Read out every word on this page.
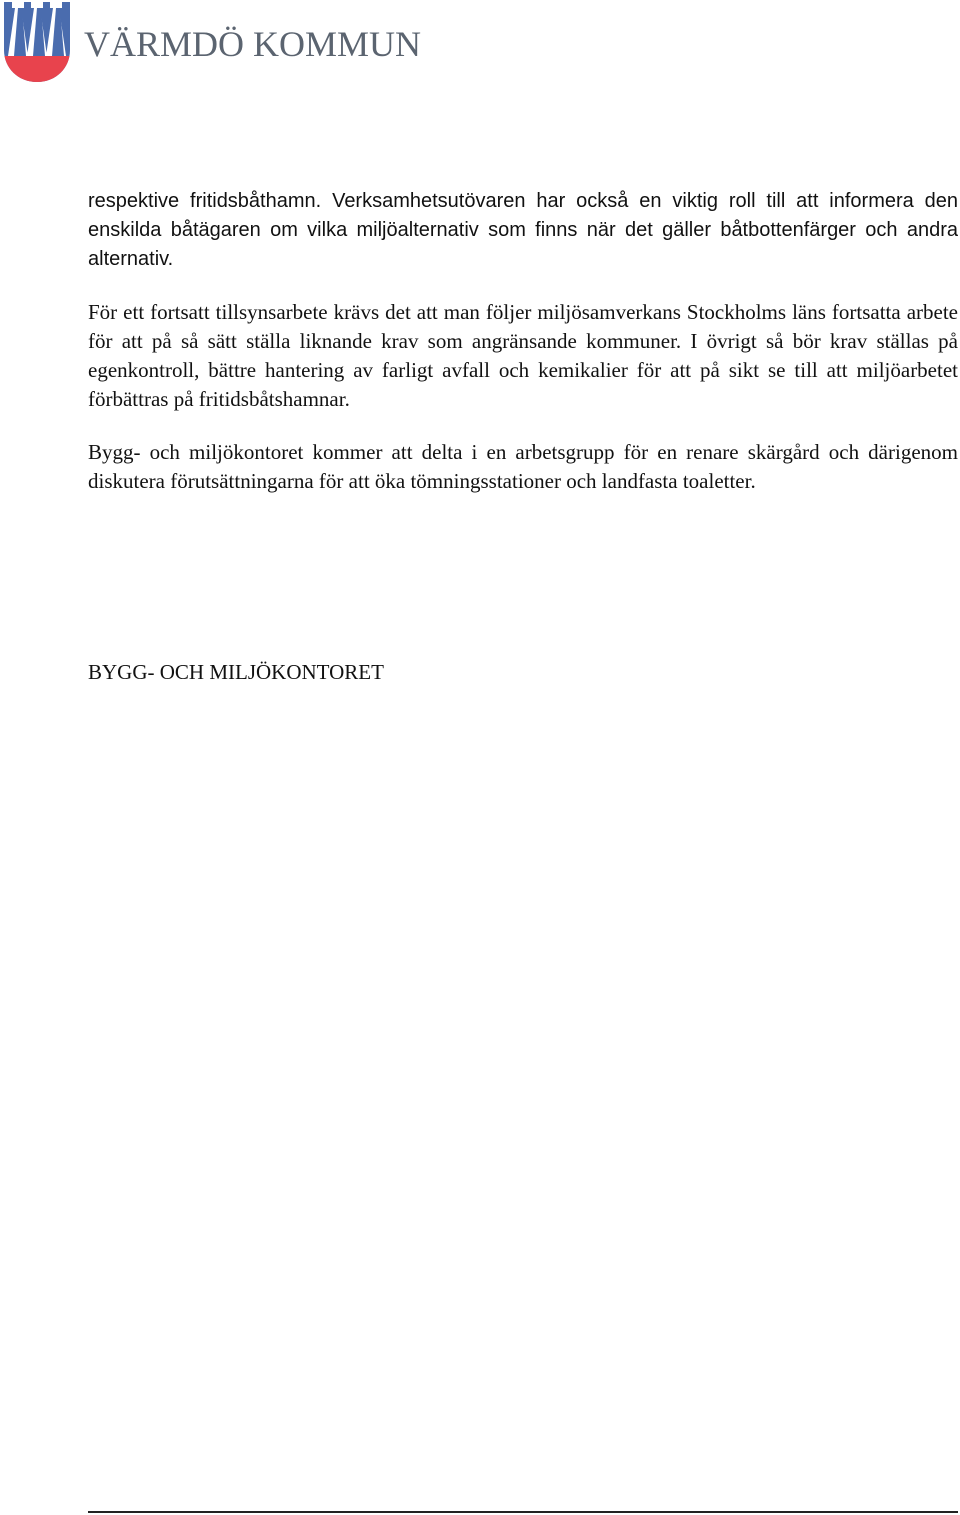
VÄRMDÖ KOMMUN

respektive fritidsbåthamn. Verksamhetsutövaren har också en viktig roll till att informera den enskilda båtägaren om vilka miljöalternativ som finns när det gäller båtbottenfärger och andra alternativ.

För ett fortsatt tillsynsarbete krävs det att man följer miljösamverkans Stockholms läns fortsatta arbete för att på så sätt ställa liknande krav som angränsande kommuner. I övrigt så bör krav ställas på egenkontroll, bättre hantering av farligt avfall och kemikalier för att på sikt se till att miljöarbetet förbättras på fritidsbåtshamnar.

Bygg- och miljökontoret kommer att delta i en arbetsgrupp för en renare skärgård och därigenom diskutera förutsättningarna för att öka tömningsstationer och landfasta toaletter.

BYGG- OCH MILJÖKONTORET
